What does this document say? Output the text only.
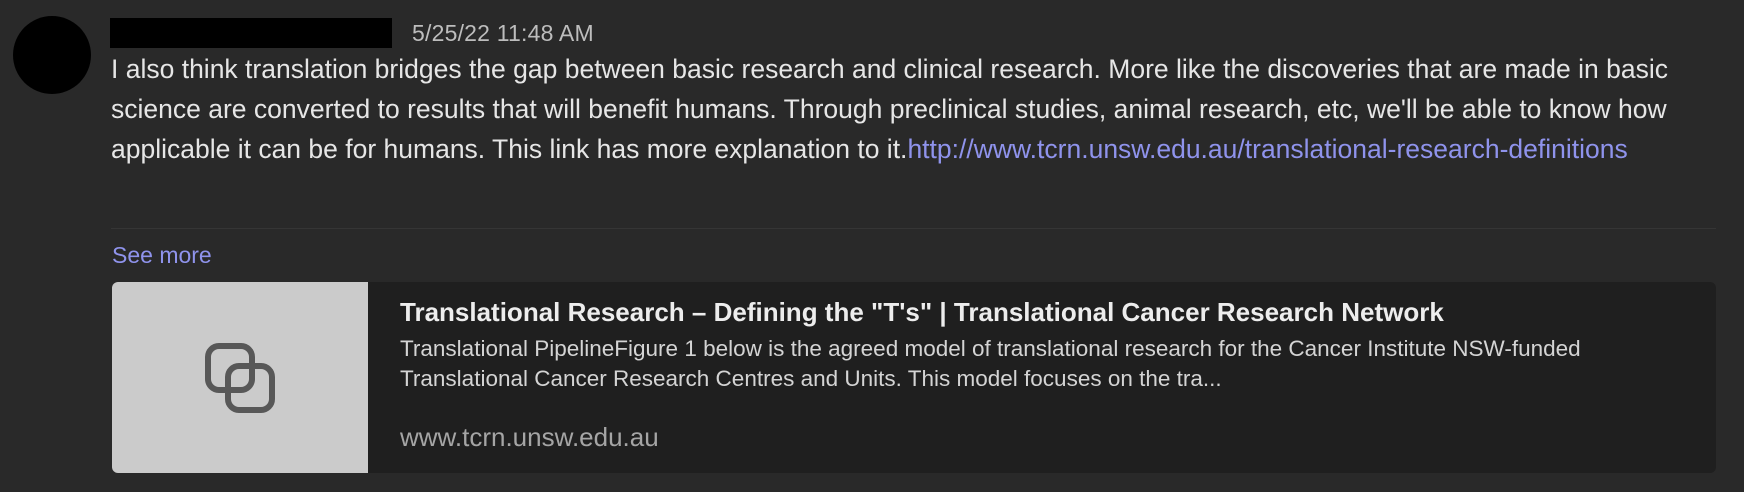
5/25/22 11:48 AM

I also think translation bridges the gap between basic research and clinical research. More like the discoveries that are made in basic science are converted to results that will benefit humans. Through preclinical studies, animal research, etc, we'll be able to know how applicable it can be for humans. This link has more explanation to it.http://www.tcrn.unsw.edu.au/translational-research-definitions

See more
Translational Research – Defining the "T's" | Translational Cancer Research Network
Translational PipelineFigure 1 below is the agreed model of translational research for the Cancer Institute NSW-funded Translational Cancer Research Centres and Units. This model focuses on the tra...
www.tcrn.unsw.edu.au
